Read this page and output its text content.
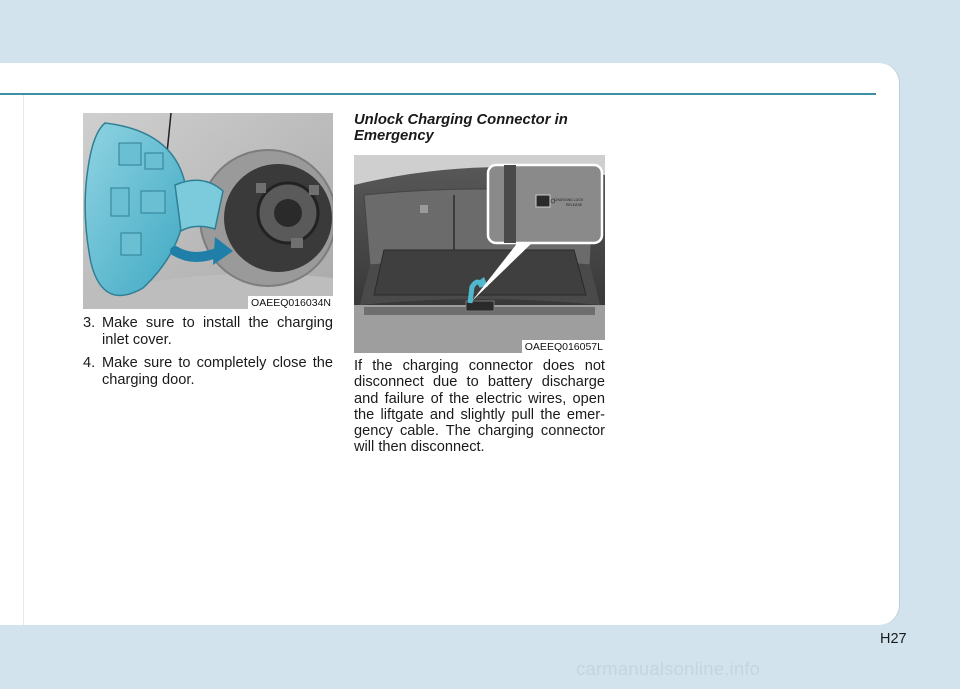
OAEEQ016034N
3. Make sure to install the charging inlet cover.
4. Make sure to completely close the charging door.
Unlock Charging Connector in Emergency
CHARGING LOCK
RELEASE
OAEEQ016057L

If the charging connector does not disconnect due to battery discharge and failure of the electric wires, open the liftgate and slightly pull the emer-gency cable. The charging connector will then disconnect.

H27
carmanualsonline.info
